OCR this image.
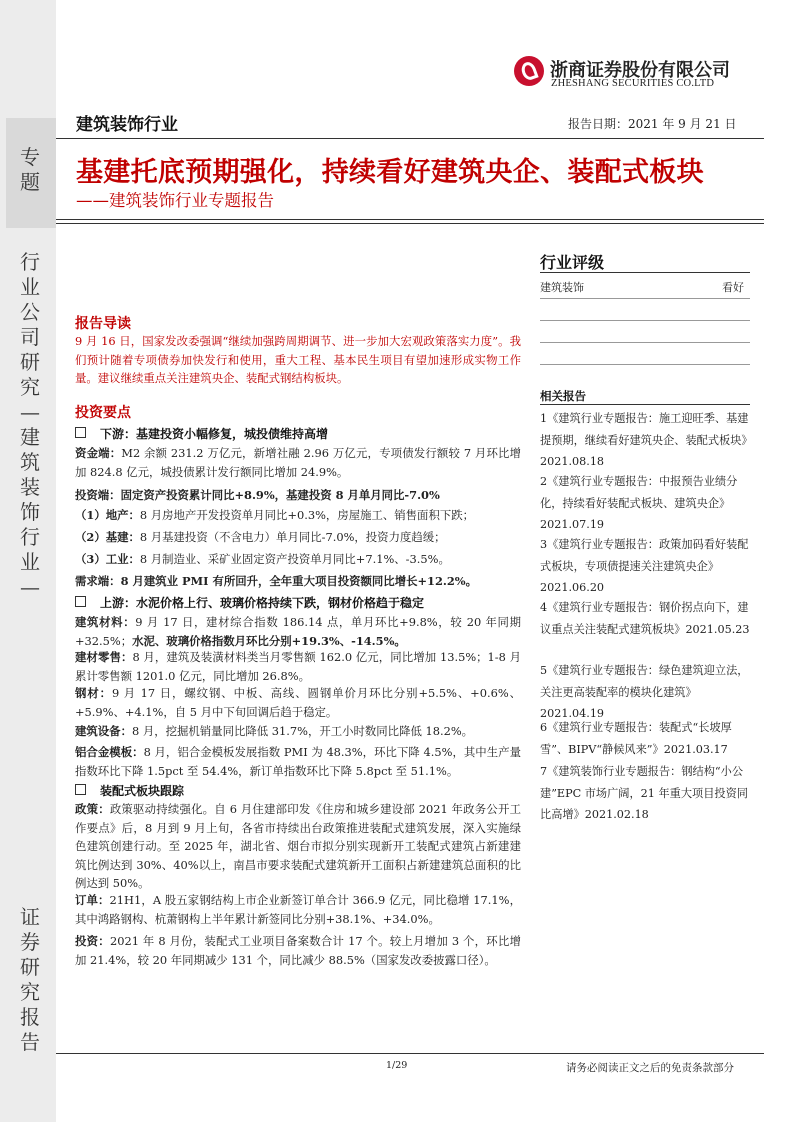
专题
行业公司研究—建筑装饰行业—
证券研究报告
浙商证券股份有限公司
ZHESHANG SECURITIES CO.LTD
建筑装饰行业	报告日期：2021 年 9 月 21 日
基建托底预期强化，持续看好建筑央企、装配式板块
——建筑装饰行业专题报告
行业评级
建筑装饰	看好
相关报告
1《建筑行业专题报告：施工迎旺季、基建提预期，继续看好建筑央企、装配式板块》2021.08.18
2《建筑行业专题报告：中报预告业绩分化，持续看好装配式板块、建筑央企》2021.07.19
3《建筑行业专题报告：政策加码看好装配式板块，专项债提速关注建筑央企》2021.06.20
4《建筑行业专题报告：钢价拐点向下，建议重点关注装配式建筑板块》2021.05.23
5《建筑行业专题报告：绿色建筑迎立法，关注更高装配率的模块化建筑》2021.04.19
6《建筑行业专题报告：装配式“长坡厚雪”、BIPV“静候风来”》2021.03.17
7《建筑装饰行业专题报告：钢结构“小公建”EPC 市场广阔，21 年重大项目投资同比高增》2021.02.18
报告导读
9 月 16 日，国家发改委强调“继续加强跨周期调节、进一步加大宏观政策落实力度”。我们预计随着专项债券加快发行和使用，重大工程、基本民生项目有望加速形成实物工作量。建议继续重点关注建筑央企、装配式钢结构板块。
投资要点
下游：基建投资小幅修复，城投债维持高增
资金端：M2 余额 231.2 万亿元，新增社融 2.96 万亿元，专项债发行额较 7 月环比增加 824.8 亿元，城投债累计发行额同比增加 24.9%。
投资端：固定资产投资累计同比+8.9%，基建投资 8 月单月同比-7.0%
（1）地产：8 月房地产开发投资单月同比+0.3%，房屋施工、销售面积下跌；
（2）基建：8 月基建投资（不含电力）单月同比-7.0%，投资力度趋缓；
（3）工业：8 月制造业、采矿业固定资产投资单月同比+7.1%、-3.5%。
需求端：8 月建筑业 PMI 有所回升，全年重大项目投资额同比增长+12.2%。
上游：水泥价格上行、玻璃价格持续下跌，钢材价格趋于稳定
建筑材料：9 月 17 日，建材综合指数 186.14 点，单月环比+9.8%，较 20 年同期+32.5%；水泥、玻璃价格指数月环比分别+19.3%、-14.5%。
建材零售：8 月，建筑及装潢材料类当月零售额 162.0 亿元，同比增加 13.5%；1-8 月累计零售额 1201.0 亿元，同比增加 26.8%。
钢材：9 月 17 日，螺纹钢、中板、高线、圆钢单价月环比分别+5.5%、+0.6%、+5.9%、+4.1%，自 5 月中下旬回调后趋于稳定。
建筑设备：8 月，挖掘机销量同比降低 31.7%，开工小时数同比降低 18.2%。
铝合金模板：8 月，铝合金模板发展指数 PMI 为 48.3%，环比下降 4.5%，其中生产量指数环比下降 1.5pct 至 54.4%，新订单指数环比下降 5.8pct 至 51.1%。
装配式板块跟踪
政策：政策驱动持续强化。自 6 月住建部印发《住房和城乡建设部 2021 年政务公开工作要点》后，8 月到 9 月上旬，各省市持续出台政策推进装配式建筑发展，深入实施绿色建筑创建行动。至 2025 年，湖北省、烟台市拟分别实现新开工装配式建筑占新建建筑比例达到 30%、40%以上，南昌市要求装配式建筑新开工面积占新建建筑总面积的比例达到 50%。
订单：21H1，A 股五家钢结构上市企业新签订单合计 366.9 亿元，同比稳增 17.1%，其中鸿路钢构、杭萧钢构上半年累计新签同比分别+38.1%、+34.0%。
投资：2021 年 8 月份，装配式工业项目备案数合计 17 个。较上月增加 3 个，环比增加 21.4%，较 20 年同期减少 131 个，同比减少 88.5%（国家发改委披露口径）。
1/29	请务必阅读正文之后的免责条款部分
